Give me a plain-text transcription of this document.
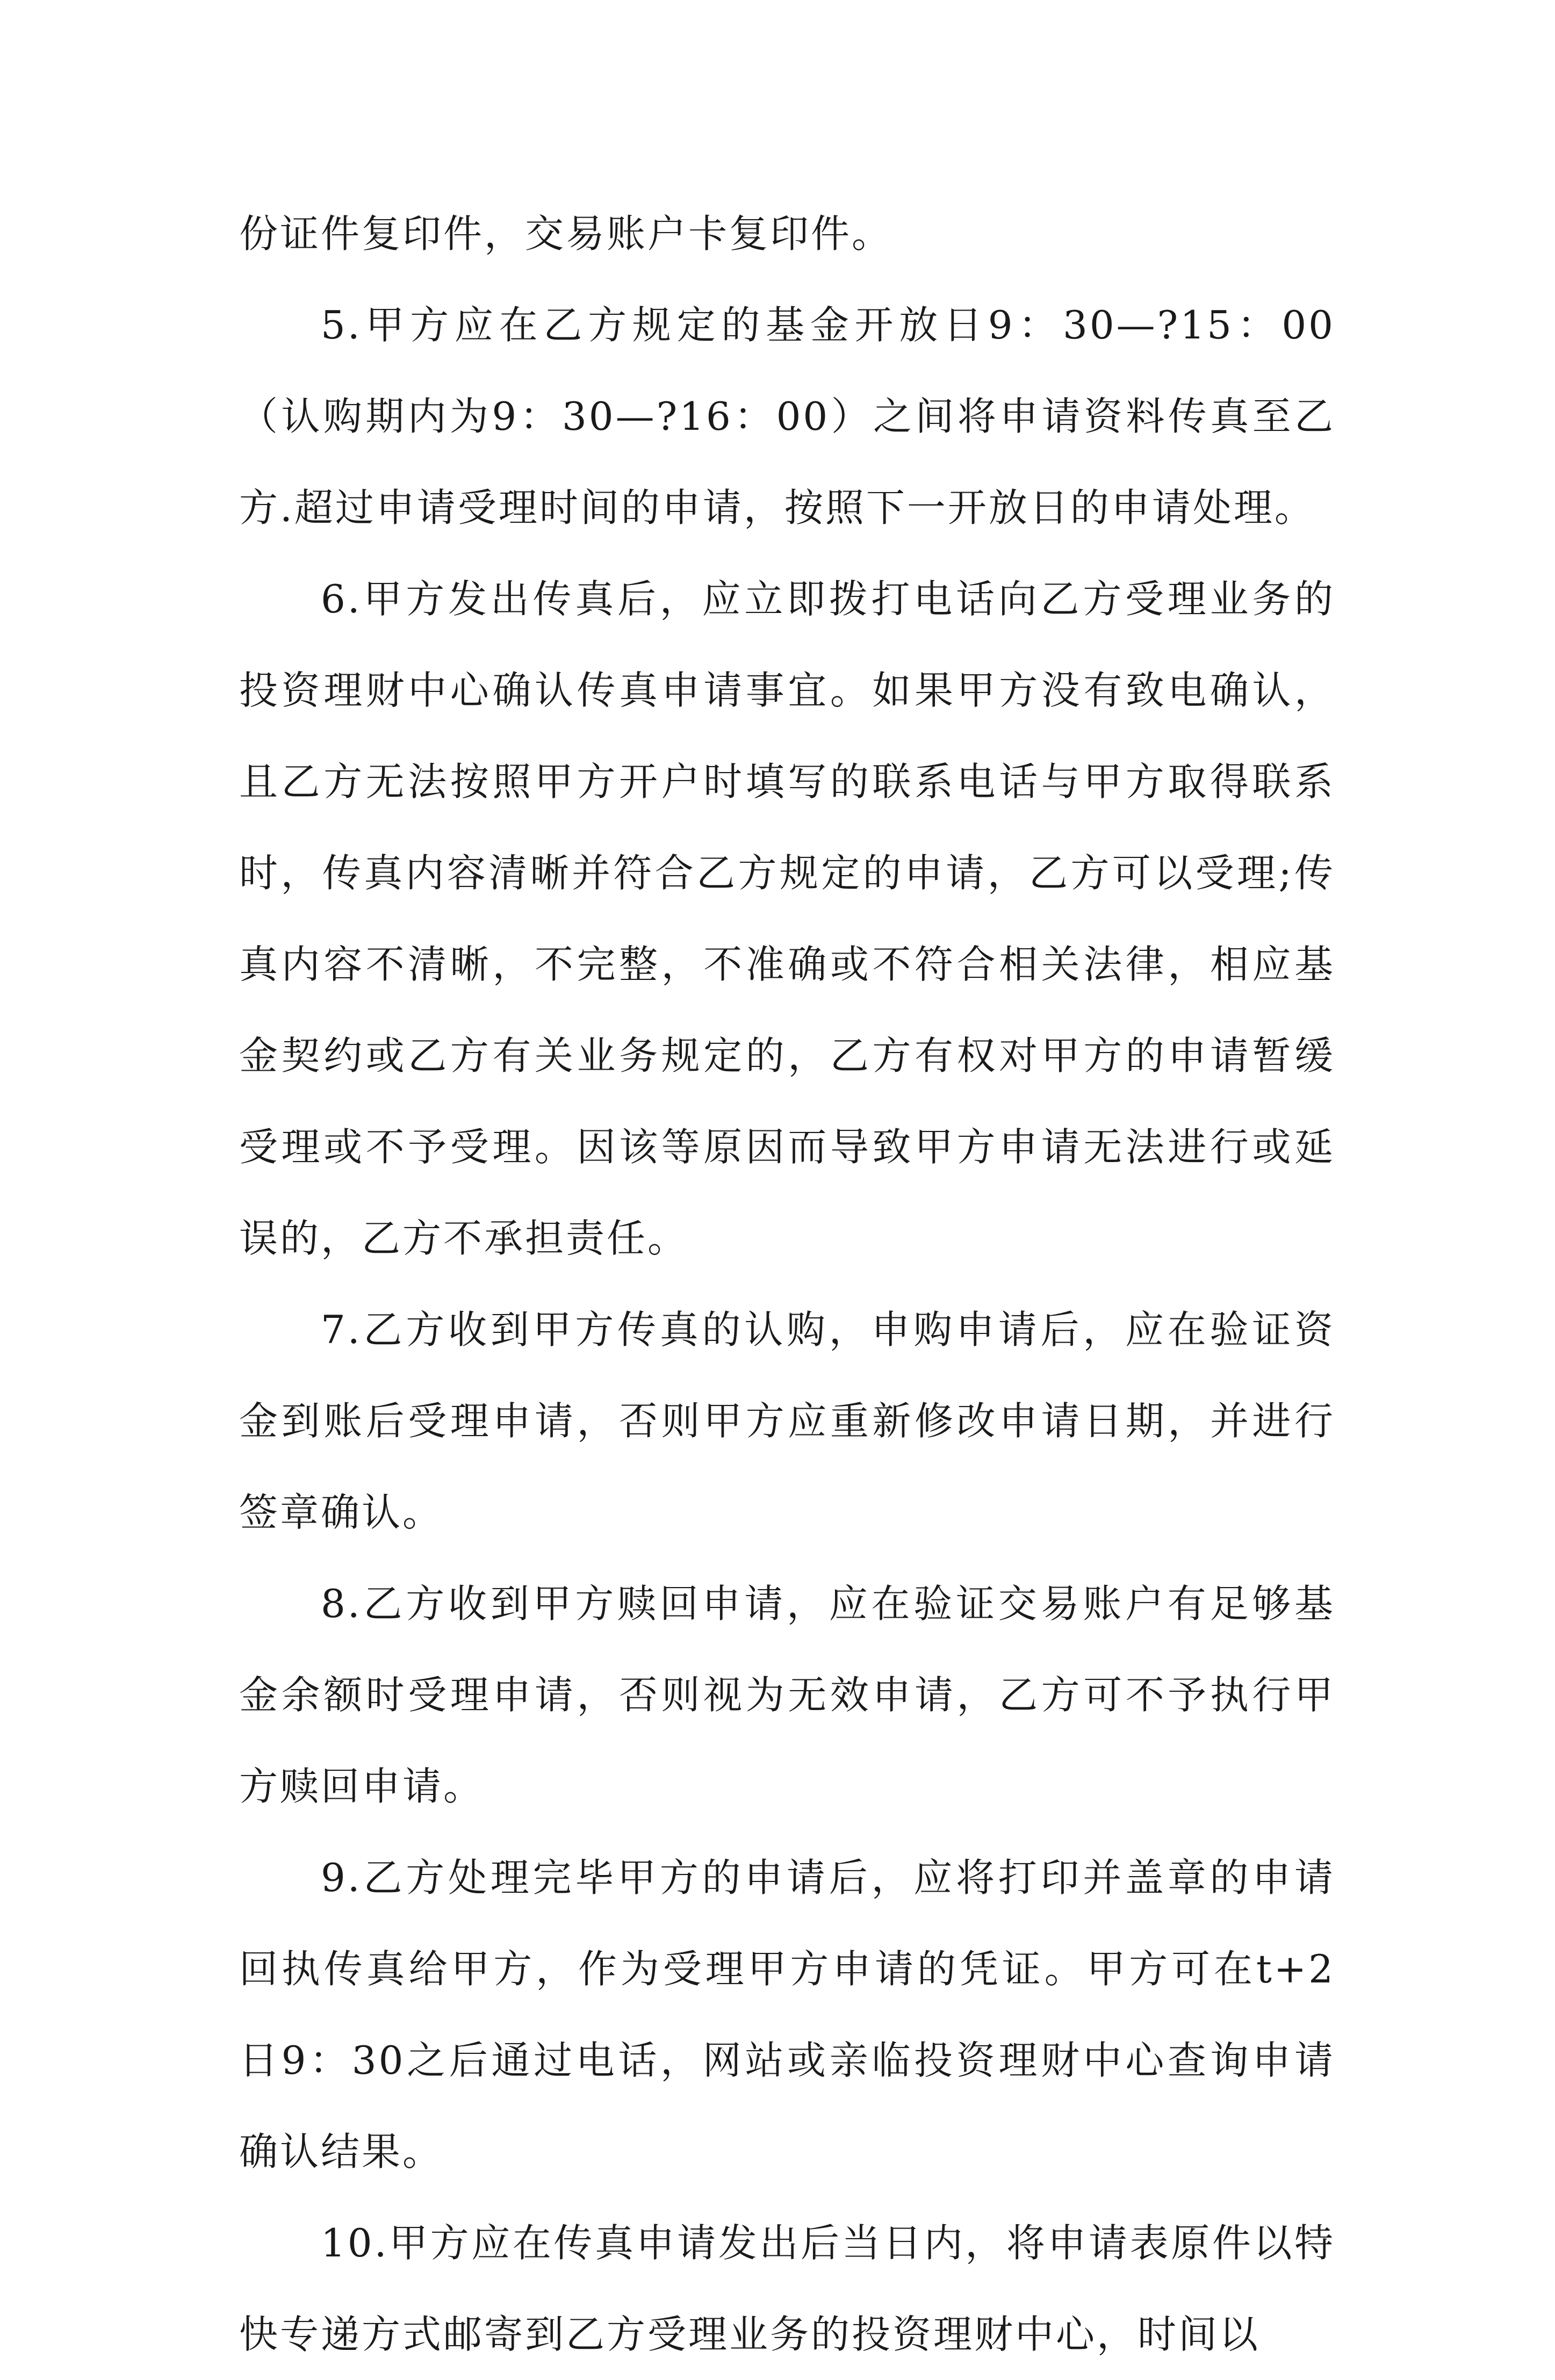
份证件复印件，交易账户卡复印件。

5.甲方应在乙方规定的基金开放日9：30—?15：00（认购期内为9：30—?16：00）之间将申请资料传真至乙方.超过申请受理时间的申请，按照下一开放日的申请处理。

6.甲方发出传真后，应立即拨打电话向乙方受理业务的投资理财中心确认传真申请事宜。如果甲方没有致电确认，且乙方无法按照甲方开户时填写的联系电话与甲方取得联系时，传真内容清晰并符合乙方规定的申请，乙方可以受理;传真内容不清晰，不完整，不准确或不符合相关法律，相应基金契约或乙方有关业务规定的，乙方有权对甲方的申请暂缓受理或不予受理。因该等原因而导致甲方申请无法进行或延误的，乙方不承担责任。

7.乙方收到甲方传真的认购，申购申请后，应在验证资金到账后受理申请，否则甲方应重新修改申请日期，并进行签章确认。

8.乙方收到甲方赎回申请，应在验证交易账户有足够基金余额时受理申请，否则视为无效申请，乙方可不予执行甲方赎回申请。

9.乙方处理完毕甲方的申请后，应将打印并盖章的申请回执传真给甲方，作为受理甲方申请的凭证。甲方可在t+2日9：30之后通过电话，网站或亲临投资理财中心查询申请确认结果。

10.甲方应在传真申请发出后当日内，将申请表原件以特快专递方式邮寄到乙方受理业务的投资理财中心，时间以
